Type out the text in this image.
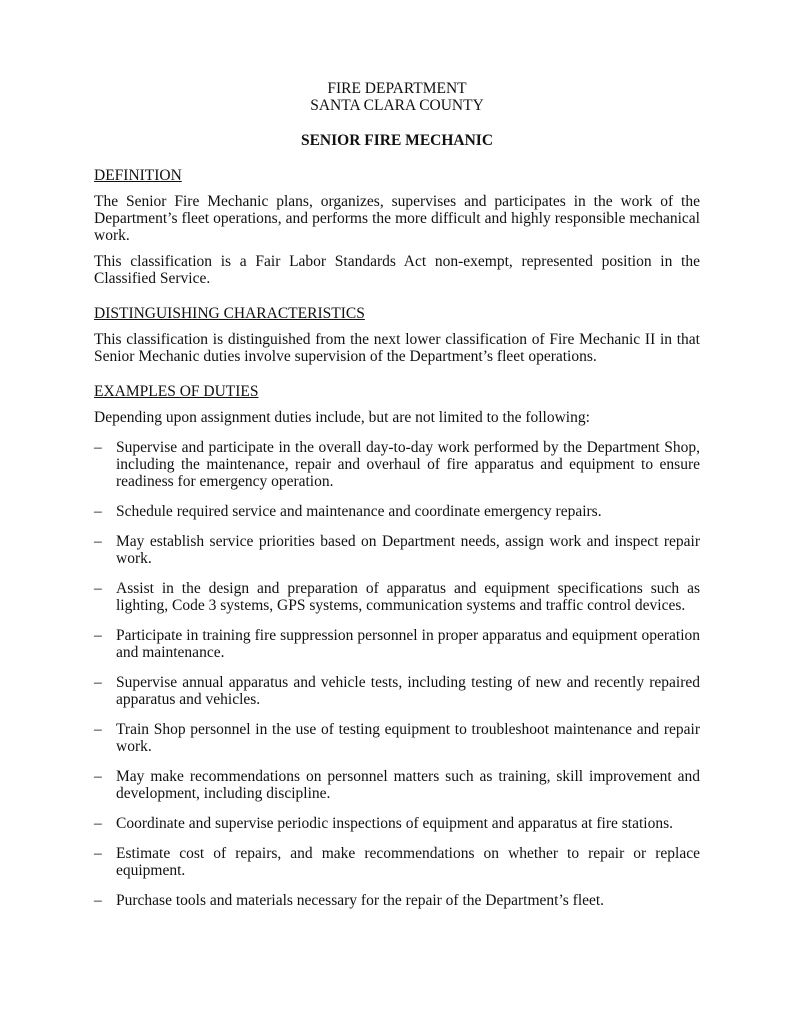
FIRE DEPARTMENT

SANTA CLARA COUNTY

SENIOR FIRE MECHANIC

DEFINITION

The Senior Fire Mechanic plans, organizes, supervises and participates in the work of the Department’s fleet operations, and performs the more difficult and highly responsible mechanical work.

This classification is a Fair Labor Standards Act non-exempt, represented position in the Classified Service.

DISTINGUISHING CHARACTERISTICS

This classification is distinguished from the next lower classification of Fire Mechanic II in that Senior Mechanic duties involve supervision of the Department’s fleet operations.

EXAMPLES OF DUTIES

Depending upon assignment duties include, but are not limited to the following:

– Supervise and participate in the overall day-to-day work performed by the Department Shop, including the maintenance, repair and overhaul of fire apparatus and equipment to ensure readiness for emergency operation.
– Schedule required service and maintenance and coordinate emergency repairs.
– May establish service priorities based on Department needs, assign work and inspect repair work.
– Assist in the design and preparation of apparatus and equipment specifications such as lighting, Code 3 systems, GPS systems, communication systems and traffic control devices.
– Participate in training fire suppression personnel in proper apparatus and equipment operation and maintenance.
– Supervise annual apparatus and vehicle tests, including testing of new and recently repaired apparatus and vehicles.
– Train Shop personnel in the use of testing equipment to troubleshoot maintenance and repair work.
– May make recommendations on personnel matters such as training, skill improvement and development, including discipline.
– Coordinate and supervise periodic inspections of equipment and apparatus at fire stations.
– Estimate cost of repairs, and make recommendations on whether to repair or replace equipment.
– Purchase tools and materials necessary for the repair of the Department’s fleet.
